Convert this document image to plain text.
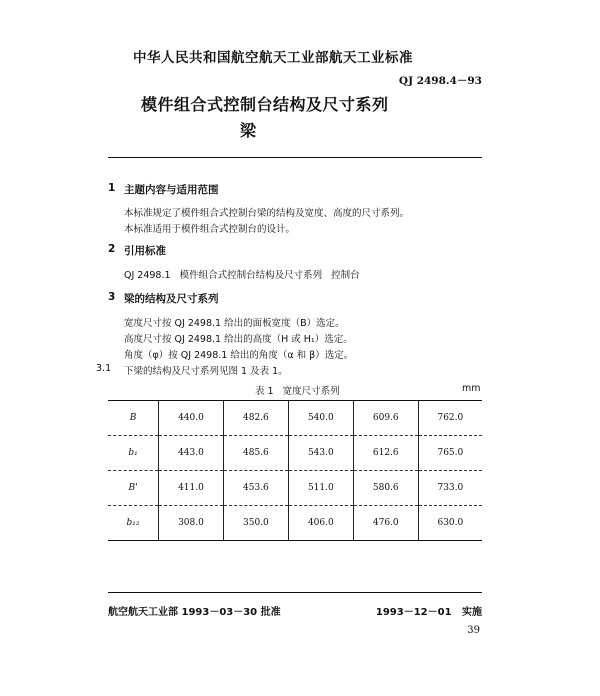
中华人民共和国航空航天工业部航天工业标准
QJ 2498.4－93
模件组合式控制台结构及尺寸系列
梁
1 主题内容与适用范围
本标准规定了模件组合式控制台梁的结构及宽度、高度的尺寸系列。
本标准适用于模件组合式控制台的设计。
2 引用标准
QJ 2498.1   模件组合式控制台结构及尺寸系列   控制台
3 梁的结构及尺寸系列
宽度尺寸按 QJ 2498.1 给出的面板宽度（B）选定。
高度尺寸按 QJ 2498.1 给出的高度（H 或 H₁）选定。
角度（φ）按 QJ 2498.1 给出的角度（α 和 β）选定。
3.1 下梁的结构及尺寸系列见图 1 及表 1。
表 1   宽度尺寸系列	mm
B	440.0	482.6	540.0	609.6	762.0
b₁	443.0	485.6	543.0	612.6	765.0
B'	411.0	453.6	511.0	580.6	733.0
b₁₂	308.0	350.0	406.0	476.0	630.0
航空航天工业部 1993－03－30 批准	1993－12－01   实施
39
